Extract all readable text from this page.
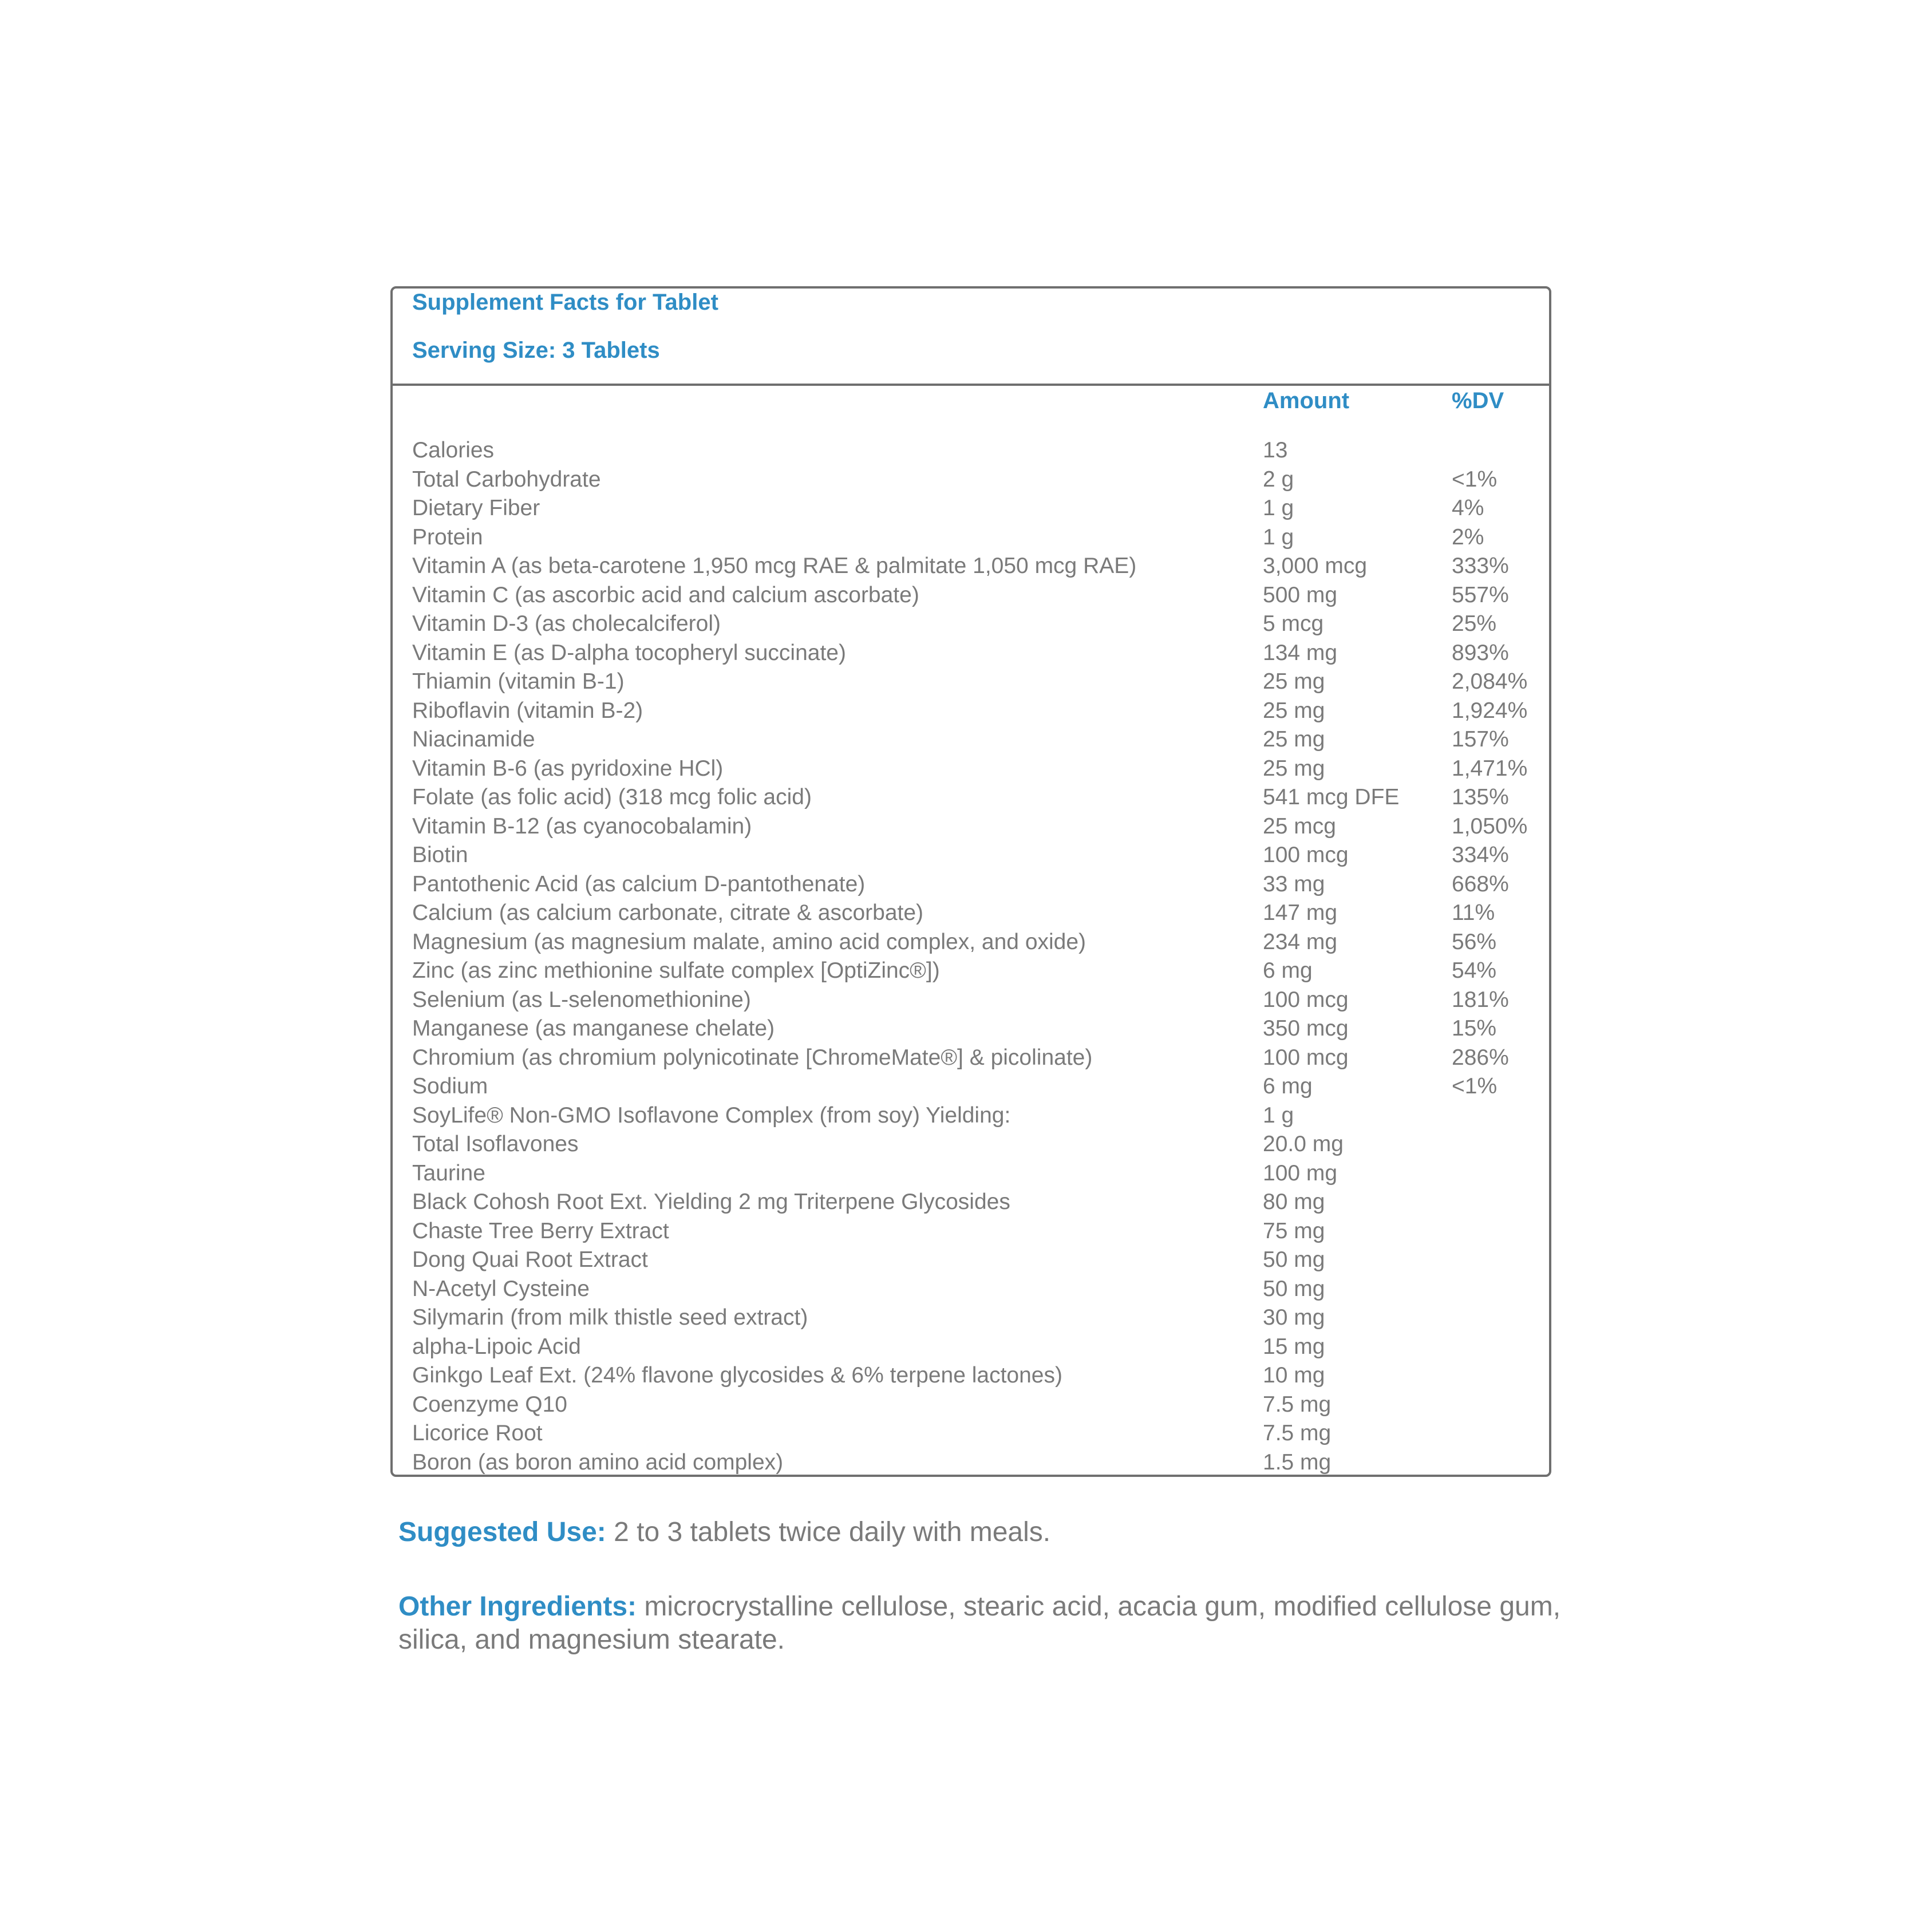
Supplement Facts for Tablet
Serving Size: 3 Tablets
Amount	%DV
Calories	13
Total Carbohydrate	2 g	<1%
Dietary Fiber	1 g	4%
Protein	1 g	2%
Vitamin A (as beta-carotene 1,950 mcg RAE & palmitate 1,050 mcg RAE)	3,000 mcg	333%
Vitamin C (as ascorbic acid and calcium ascorbate)	500 mg	557%
Vitamin D-3 (as cholecalciferol)	5 mcg	25%
Vitamin E (as D-alpha tocopheryl succinate)	134 mg	893%
Thiamin (vitamin B-1)	25 mg	2,084%
Riboflavin (vitamin B-2)	25 mg	1,924%
Niacinamide	25 mg	157%
Vitamin B-6 (as pyridoxine HCl)	25 mg	1,471%
Folate (as folic acid) (318 mcg folic acid)	541 mcg DFE 135%
Vitamin B-12 (as cyanocobalamin)	25 mcg	1,050%
Biotin	100 mcg	334%
Pantothenic Acid (as calcium D-pantothenate)	33 mg	668%
Calcium (as calcium carbonate, citrate & ascorbate)	147 mg	11%
Magnesium (as magnesium malate, amino acid complex, and oxide)	234 mg	56%
Zinc (as zinc methionine sulfate complex [OptiZinc®])	6 mg	54%
Selenium (as L-selenomethionine)	100 mcg	181%
Manganese (as manganese chelate)	350 mcg	15%
Chromium (as chromium polynicotinate [ChromeMate®] & picolinate)	100 mcg	286%
Sodium	6 mg	<1%
SoyLife® Non-GMO Isoflavone Complex (from soy) Yielding:	1 g
Total Isoflavones	20.0 mg
Taurine	100 mg
Black Cohosh Root Ext. Yielding 2 mg Triterpene Glycosides	80 mg
Chaste Tree Berry Extract	75 mg
Dong Quai Root Extract	50 mg
N-Acetyl Cysteine	50 mg
Silymarin (from milk thistle seed extract)	30 mg
alpha-Lipoic Acid	15 mg
Ginkgo Leaf Ext. (24% flavone glycosides & 6% terpene lactones)	10 mg
Coenzyme Q10	7.5 mg
Licorice Root	7.5 mg
Boron (as boron amino acid complex)	1.5 mg
Suggested Use: 2 to 3 tablets twice daily with meals.
Other Ingredients: microcrystalline cellulose, stearic acid, acacia gum, modified cellulose gum, silica, and magnesium stearate.
